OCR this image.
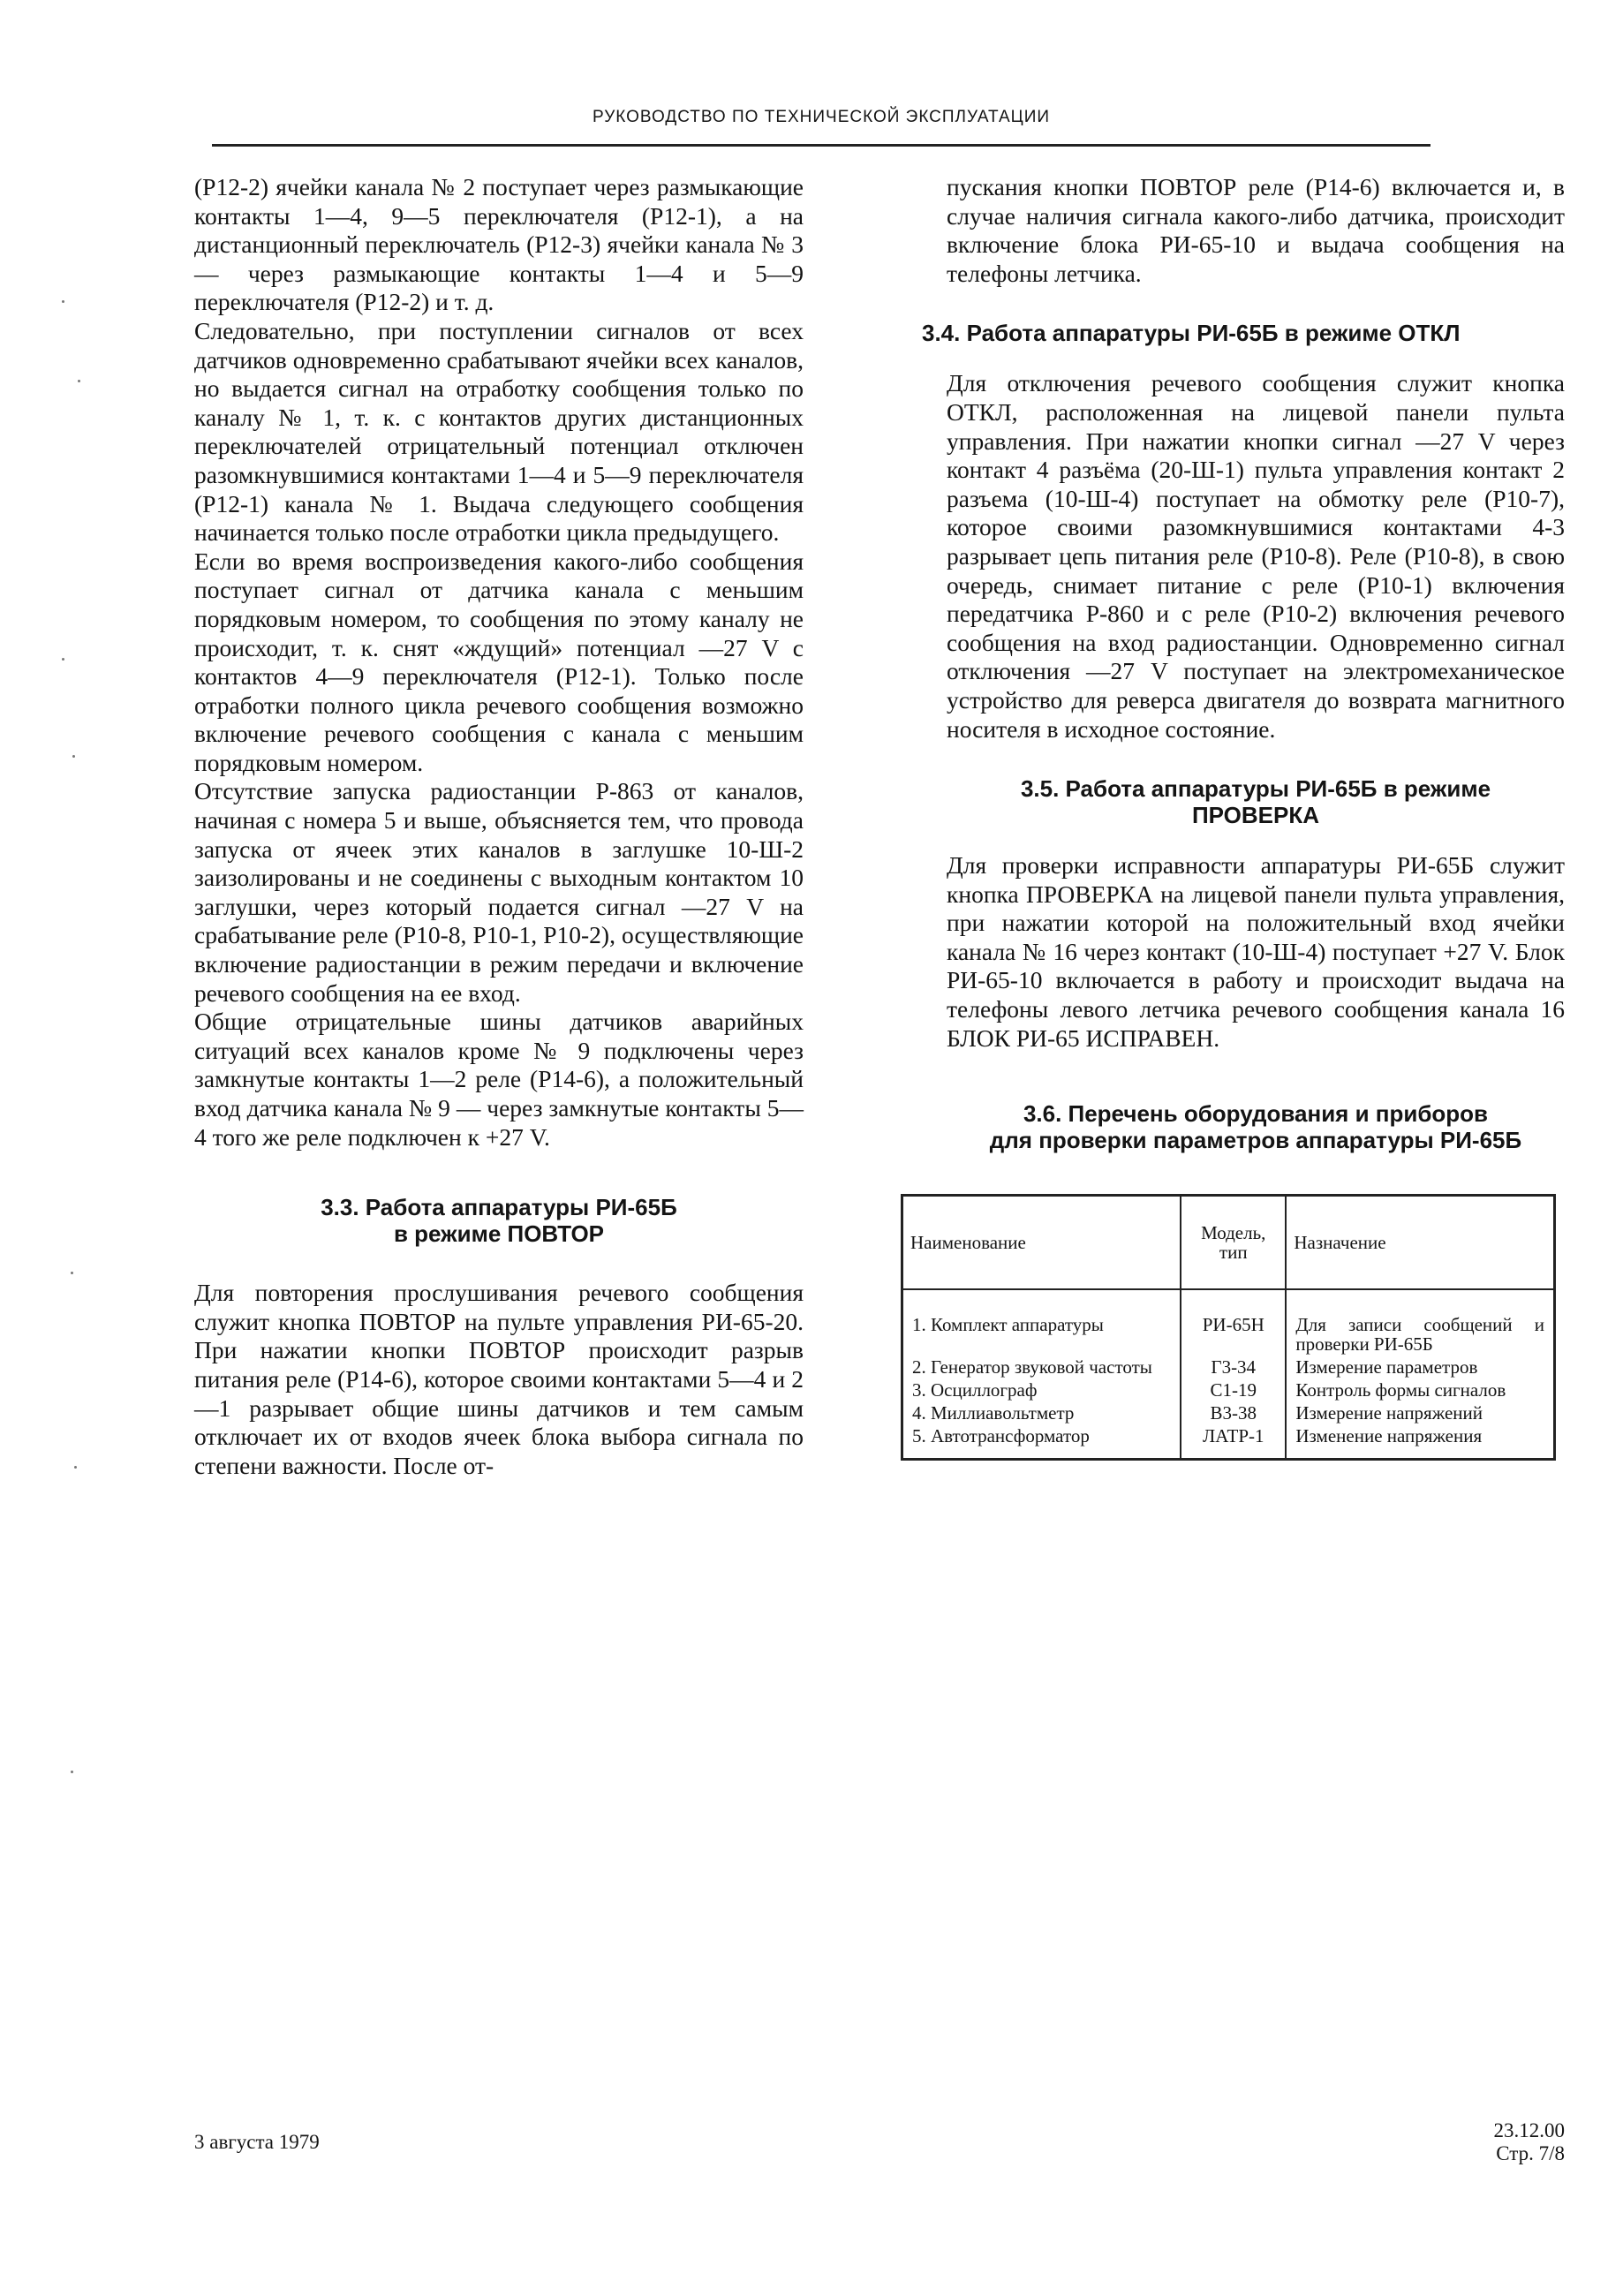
РУКОВОДСТВО ПО ТЕХНИЧЕСКОЙ ЭКСПЛУАТАЦИИ

(Р12-2) ячейки канала № 2 поступает через размыкающие контакты 1—4, 9—5 переключателя (Р12-1), а на дистанционный переключатель (Р12-3) ячейки канала № 3 — через размыкающие контакты 1—4 и 5—9 переключателя (Р12-2) и т. д.

Следовательно, при поступлении сигналов от всех датчиков одновременно срабатывают ячейки всех каналов, но выдается сигнал на отработку сообщения только по каналу № 1, т. к. с контактов других дистанционных переключателей отрицательный потенциал отключен разомкнувшимися контактами 1—4 и 5—9 переключателя (Р12-1) канала № 1. Выдача следующего сообщения начинается только после отработки цикла предыдущего.

Если во время воспроизведения какого-либо сообщения поступает сигнал от датчика канала с меньшим порядковым номером, то сообщения по этому каналу не происходит, т. к. снят «ждущий» потенциал —27 V с контактов 4—9 переключателя (Р12-1). Только после отработки полного цикла речевого сообщения возможно включение речевого сообщения с канала с меньшим порядковым номером.

Отсутствие запуска радиостанции Р-863 от каналов, начиная с номера 5 и выше, объясняется тем, что провода запуска от ячеек этих каналов в заглушке 10-Ш-2 заизолированы и не соединены с выходным контактом 10 заглушки, через который подается сигнал —27 V на срабатывание реле (Р10-8, Р10-1, Р10-2), осуществляющие включение радиостанции в режим передачи и включение речевого сообщения на ее вход.

Общие отрицательные шины датчиков аварийных ситуаций всех каналов кроме № 9 подключены через замкнутые контакты 1—2 реле (Р14-6), а положительный вход датчика канала № 9 — через замкнутые контакты 5—4 того же реле подключен к +27 V.

3.3. Работа аппаратуры РИ-65Б
в режиме ПОВТОР

Для повторения прослушивания речевого сообщения служит кнопка ПОВТОР на пульте управления РИ-65-20. При нажатии кнопки ПОВТОР происходит разрыв питания реле (Р14-6), которое своими контактами 5—4 и 2—1 разрывает общие шины датчиков и тем самым отключает их от входов ячеек блока выбора сигнала по степени важности. После от-

пускания кнопки ПОВТОР реле (Р14-6) включается и, в случае наличия сигнала какого-либо датчика, происходит включение блока РИ-65-10 и выдача сообщения на телефоны летчика.

3.4. Работа аппаратуры РИ-65Б в режиме ОТКЛ

Для отключения речевого сообщения служит кнопка ОТКЛ, расположенная на лицевой панели пульта управления. При нажатии кнопки сигнал —27 V через контакт 4 разъёма (20-Ш-1) пульта управления контакт 2 разъема (10-Ш-4) поступает на обмотку реле (Р10-7), которое своими разомкнувшимися контактами 4-3 разрывает цепь питания реле (Р10-8). Реле (Р10-8), в свою очередь, снимает питание с реле (Р10-1) включения передатчика Р-860 и с реле (Р10-2) включения речевого сообщения на вход радиостанции. Одновременно сигнал отключения —27 V поступает на электромеханическое устройство для реверса двигателя до возврата магнитного носителя в исходное состояние.

3.5. Работа аппаратуры РИ-65Б в режиме
ПРОВЕРКА

Для проверки исправности аппаратуры РИ-65Б служит кнопка ПРОВЕРКА на лицевой панели пульта управления, при нажатии которой на положительный вход ячейки канала № 16 через контакт (10-Ш-4) поступает +27 V. Блок РИ-65-10 включается в работу и происходит выдача на телефоны левого летчика речевого сообщения канала 16 БЛОК РИ-65 ИСПРАВЕН.

3.6. Перечень оборудования и приборов
для проверки параметров аппаратуры РИ-65Б
Наименование	Модель, тип	Назначение
1. Комплект аппаратуры	РИ-65Н	Для записи сообщений и проверки РИ-65Б
2. Генератор звуковой частоты	Г3-34	Измерение параметров
3. Осциллограф	С1-19	Контроль формы сигналов
4. Миллиавольтметр	В3-38	Измерение напряжений
5. Автотрансформатор	ЛАТР-1	Изменение напряжения
3 августа 1979
23.12.00
Стр. 7/8
